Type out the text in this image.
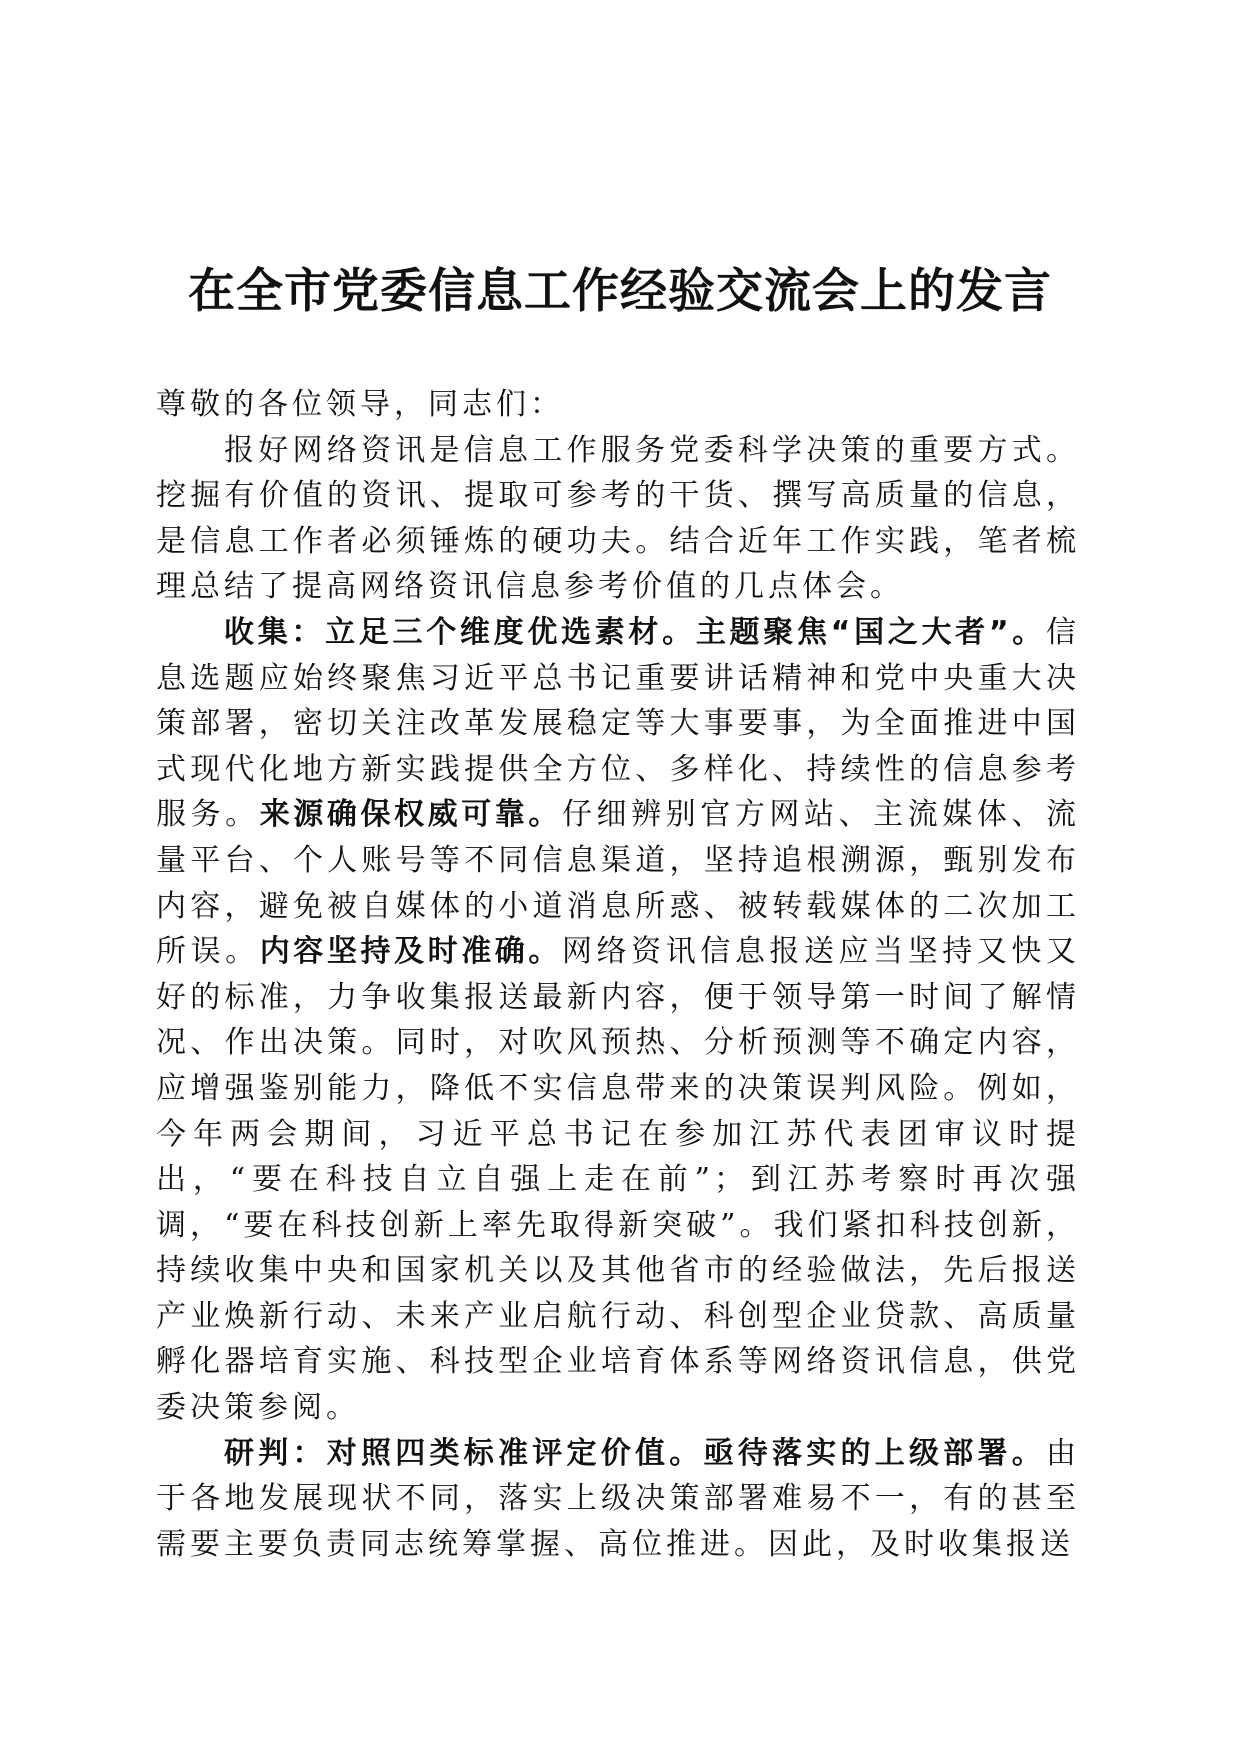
在全市党委信息工作经验交流会上的发言

尊敬的各位领导，同志们：

报好网络资讯是信息工作服务党委科学决策的重要方式。挖掘有价值的资讯、提取可参考的干货、撰写高质量的信息，是信息工作者必须锤炼的硬功夫。结合近年工作实践，笔者梳理总结了提高网络资讯信息参考价值的几点体会。

收集：立足三个维度优选素材。主题聚焦“国之大者”。信息选题应始终聚焦习近平总书记重要讲话精神和党中央重大决策部署，密切关注改革发展稳定等大事要事，为全面推进中国式现代化地方新实践提供全方位、多样化、持续性的信息参考服务。来源确保权威可靠。仔细辨别官方网站、主流媒体、流量平台、个人账号等不同信息渠道，坚持追根溯源，甄别发布内容，避免被自媒体的小道消息所惑、被转载媒体的二次加工所误。内容坚持及时准确。网络资讯信息报送应当坚持又快又好的标准，力争收集报送最新内容，便于领导第一时间了解情况、作出决策。同时，对吹风预热、分析预测等不确定内容，应增强鉴别能力，降低不实信息带来的决策误判风险。例如，今年两会期间，习近平总书记在参加江苏代表团审议时提出，“要在科技自立自强上走在前”；到江苏考察时再次强调，“要在科技创新上率先取得新突破”。我们紧扣科技创新，持续收集中央和国家机关以及其他省市的经验做法，先后报送产业焕新行动、未来产业启航行动、科创型企业贷款、高质量孵化器培育实施、科技型企业培育体系等网络资讯信息，供党委决策参阅。

研判：对照四类标准评定价值。亟待落实的上级部署。由于各地发展现状不同，落实上级决策部署难易不一，有的甚至需要主要负责同志统筹掌握、高位推进。因此，及时收集报送
